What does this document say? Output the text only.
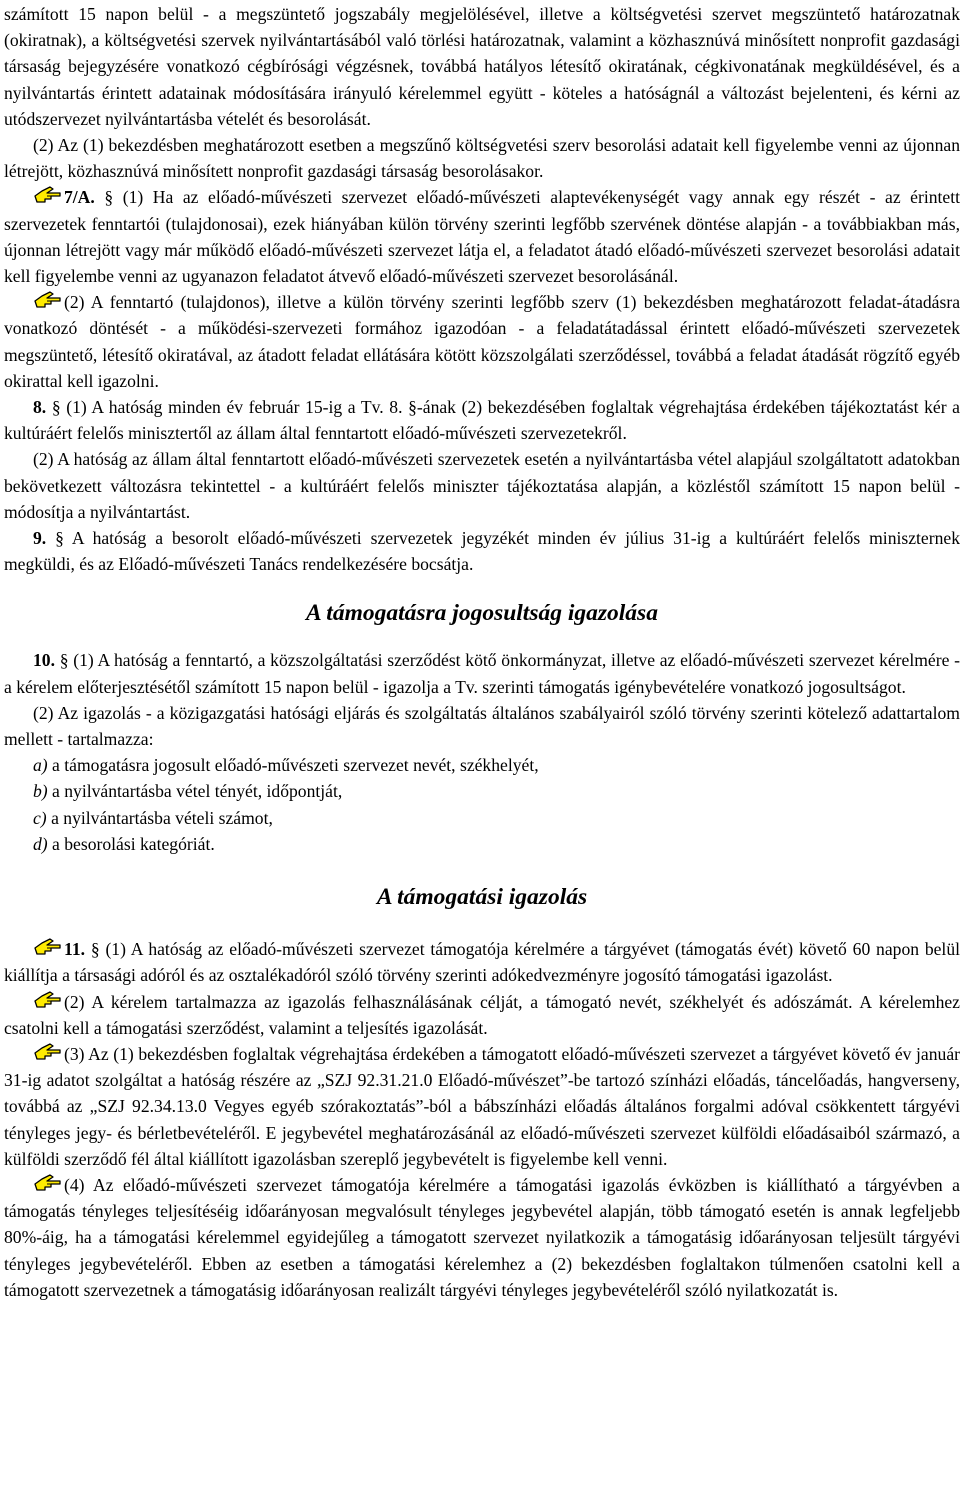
számított 15 napon belül - a megszüntető jogszabály megjelölésével, illetve a költségvetési szervet megszüntető határozatnak (okiratnak), a költségvetési szervek nyilvántartásából való törlési határozatnak, valamint a közhasznúvá minősített nonprofit gazdasági társaság bejegyzésére vonatkozó cégbírósági végzésnek, továbbá hatályos létesítő okiratának, cégkivonatának megküldésével, és a nyilvántartás érintett adatainak módosítására irányuló kérelemmel együtt - köteles a hatóságnál a változást bejelenteni, és kérni az utódszervezet nyilvántartásba vételét és besorolását.

(2) Az (1) bekezdésben meghatározott esetben a megszűnő költségvetési szerv besorolási adatait kell figyelembe venni az újonnan létrejött, közhasznúvá minősített nonprofit gazdasági társaság besorolásakor.

7/A. § (1) Ha az előadó-művészeti szervezet előadó-művészeti alaptevékenységét vagy annak egy részét - az érintett szervezetek fenntartói (tulajdonosai), ezek hiányában külön törvény szerinti legfőbb szervének döntése alapján - a továbbiakban más, újonnan létrejött vagy már működő előadó-művészeti szervezet látja el, a feladatot átadó előadó-művészeti szervezet besorolási adatait kell figyelembe venni az ugyanazon feladatot átvevő előadó-művészeti szervezet besorolásánál.

(2) A fenntartó (tulajdonos), illetve a külön törvény szerinti legfőbb szerv (1) bekezdésben meghatározott feladat-átadásra vonatkozó döntését - a működési-szervezeti formához igazodóan - a feladatátadással érintett előadó-művészeti szervezetek megszüntető, létesítő okiratával, az átadott feladat ellátására kötött közszolgálati szerződéssel, továbbá a feladat átadását rögzítő egyéb okirattal kell igazolni.

8. § (1) A hatóság minden év február 15-ig a Tv. 8. §-ának (2) bekezdésében foglaltak végrehajtása érdekében tájékoztatást kér a kultúráért felelős minisztertől az állam által fenntartott előadó-művészeti szervezetekről.

(2) A hatóság az állam által fenntartott előadó-művészeti szervezetek esetén a nyilvántartásba vétel alapjául szolgáltatott adatokban bekövetkezett változásra tekintettel - a kultúráért felelős miniszter tájékoztatása alapján, a közléstől számított 15 napon belül - módosítja a nyilvántartást.

9. § A hatóság a besorolt előadó-művészeti szervezetek jegyzékét minden év július 31-ig a kultúráért felelős miniszternek megküldi, és az Előadó-művészeti Tanács rendelkezésére bocsátja.

A támogatásra jogosultság igazolása

10. § (1) A hatóság a fenntartó, a közszolgáltatási szerződést kötő önkormányzat, illetve az előadó-művészeti szervezet kérelmére - a kérelem előterjesztésétől számított 15 napon belül - igazolja a Tv. szerinti támogatás igénybevételére vonatkozó jogosultságot.

(2) Az igazolás - a közigazgatási hatósági eljárás és szolgáltatás általános szabályairól szóló törvény szerinti kötelező adattartalom mellett - tartalmazza:

a) a támogatásra jogosult előadó-művészeti szervezet nevét, székhelyét,

b) a nyilvántartásba vétel tényét, időpontját,

c) a nyilvántartásba vételi számot,

d) a besorolási kategóriát.

A támogatási igazolás

11. § (1) A hatóság az előadó-művészeti szervezet támogatója kérelmére a tárgyévet (támogatás évét) követő 60 napon belül kiállítja a társasági adóról és az osztalékadóról szóló törvény szerinti adókedvezményre jogosító támogatási igazolást.

(2) A kérelem tartalmazza az igazolás felhasználásának célját, a támogató nevét, székhelyét és adószámát. A kérelemhez csatolni kell a támogatási szerződést, valamint a teljesítés igazolását.

(3) Az (1) bekezdésben foglaltak végrehajtása érdekében a támogatott előadó-művészeti szervezet a tárgyévet követő év január 31-ig adatot szolgáltat a hatóság részére az „SZJ 92.31.21.0 Előadó-művészet”-be tartozó színházi előadás, táncelőadás, hangverseny, továbbá az „SZJ 92.34.13.0 Vegyes egyéb szórakoztatás”-ból a bábszínházi előadás általános forgalmi adóval csökkentett tárgyévi tényleges jegy- és bérletbevételéről. E jegybevétel meghatározásánál az előadó-művészeti szervezet külföldi előadásaiból származó, a külföldi szerződő fél által kiállított igazolásban szereplő jegybevételt is figyelembe kell venni.

(4) Az előadó-művészeti szervezet támogatója kérelmére a támogatási igazolás évközben is kiállítható a tárgyévben a támogatás tényleges teljesítéséig időarányosan megvalósult tényleges jegybevétel alapján, több támogató esetén is annak legfeljebb 80%-áig, ha a támogatási kérelemmel egyidejűleg a támogatott szervezet nyilatkozik a támogatásig időarányosan teljesült tárgyévi tényleges jegybevételéről. Ebben az esetben a támogatási kérelemhez a (2) bekezdésben foglaltakon túlmenően csatolni kell a támogatott szervezetnek a támogatásig időarányosan realizált tárgyévi tényleges jegybevételéről szóló nyilatkozatát is.
